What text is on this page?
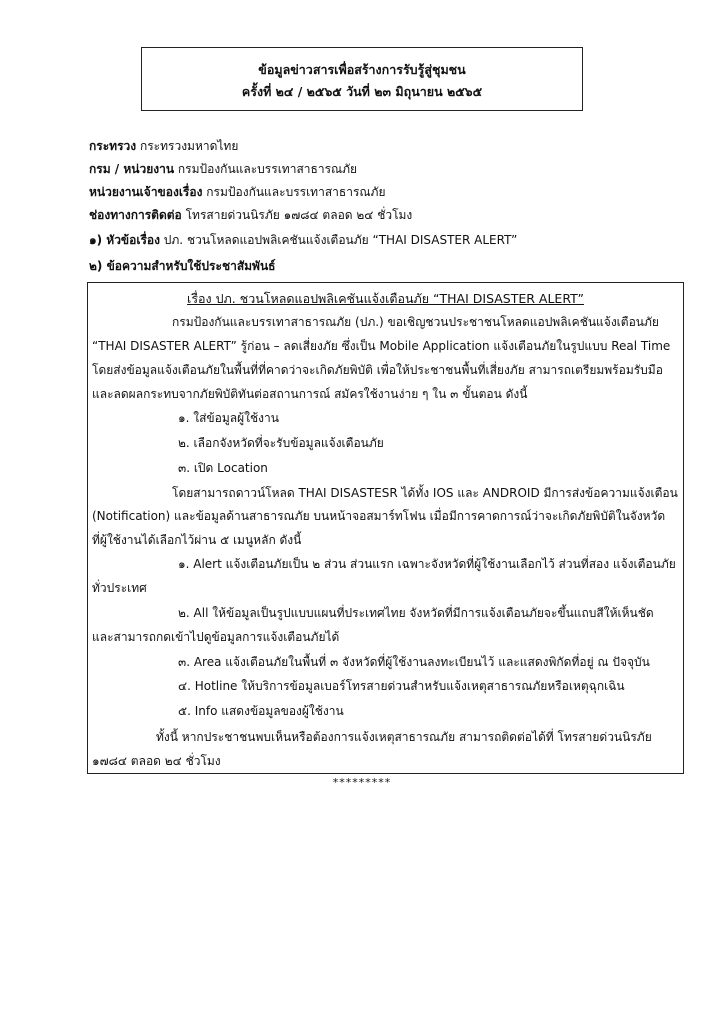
ข้อมูลข่าวสารเพื่อสร้างการรับรู้สู่ชุมชน
ครั้งที่ ๒๔ / ๒๕๖๕ วันที่ ๒๓ มิถุนายน ๒๕๖๕
กระทรวง กระทรวงมหาดไทย
กรม / หน่วยงาน กรมป้องกันและบรรเทาสาธารณภัย
หน่วยงานเจ้าของเรื่อง กรมป้องกันและบรรเทาสาธารณภัย
ช่องทางการติดต่อ โทรสายด่วนนิรภัย ๑๗๘๔ ตลอด ๒๔ ชั่วโมง
๑) หัวข้อเรื่อง ปภ. ชวนโหลดแอปพลิเคชันแจ้งเตือนภัย “THAI DISASTER ALERT”
๒) ข้อความสำหรับใช้ประชาสัมพันธ์
เรื่อง ปภ. ชวนโหลดแอปพลิเคชันแจ้งเตือนภัย “THAI DISASTER ALERT”
กรมป้องกันและบรรเทาสาธารณภัย (ปภ.) ขอเชิญชวนประชาชนโหลดแอปพลิเคชันแจ้งเตือนภัย
“THAI DISASTER ALERT” รู้ก่อน – ลดเสี่ยงภัย ซึ่งเป็น Mobile Application แจ้งเตือนภัยในรูปแบบ Real Time
โดยส่งข้อมูลแจ้งเตือนภัยในพื้นที่ที่คาดว่าจะเกิดภัยพิบัติ เพื่อให้ประชาชนพื้นที่เสี่ยงภัย สามารถเตรียมพร้อมรับมือ
และลดผลกระทบจากภัยพิบัติทันต่อสถานการณ์ สมัครใช้งานง่าย ๆ ใน ๓ ขั้นตอน ดังนี้
๑. ใส่ข้อมูลผู้ใช้งาน
๒. เลือกจังหวัดที่จะรับข้อมูลแจ้งเตือนภัย
๓. เปิด Location
โดยสามารถดาวน์โหลด THAI DISASTESR ได้ทั้ง IOS และ ANDROID มีการส่งข้อความแจ้งเตือน
(Notification) และข้อมูลด้านสาธารณภัย บนหน้าจอสมาร์ทโฟน เมื่อมีการคาดการณ์ว่าจะเกิดภัยพิบัติในจังหวัด
ที่ผู้ใช้งานได้เลือกไว้ผ่าน ๕ เมนูหลัก ดังนี้
๑. Alert แจ้งเตือนภัยเป็น ๒ ส่วน ส่วนแรก เฉพาะจังหวัดที่ผู้ใช้งานเลือกไว้ ส่วนที่สอง แจ้งเตือนภัย
ทั่วประเทศ
๒. All ให้ข้อมูลเป็นรูปแบบแผนที่ประเทศไทย จังหวัดที่มีการแจ้งเตือนภัยจะขึ้นแถบสีให้เห็นชัด
และสามารถกดเข้าไปดูข้อมูลการแจ้งเตือนภัยได้
๓. Area แจ้งเตือนภัยในพื้นที่ ๓ จังหวัดที่ผู้ใช้งานลงทะเบียนไว้ และแสดงพิกัดที่อยู่ ณ ปัจจุบัน
๔. Hotline ให้บริการข้อมูลเบอร์โทรสายด่วนสำหรับแจ้งเหตุสาธารณภัยหรือเหตุฉุกเฉิน
๕. Info แสดงข้อมูลของผู้ใช้งาน
ทั้งนี้ หากประชาชนพบเห็นหรือต้องการแจ้งเหตุสาธารณภัย สามารถติดต่อได้ที่ โทรสายด่วนนิรภัย
๑๗๘๔ ตลอด ๒๔ ชั่วโมง
*********
